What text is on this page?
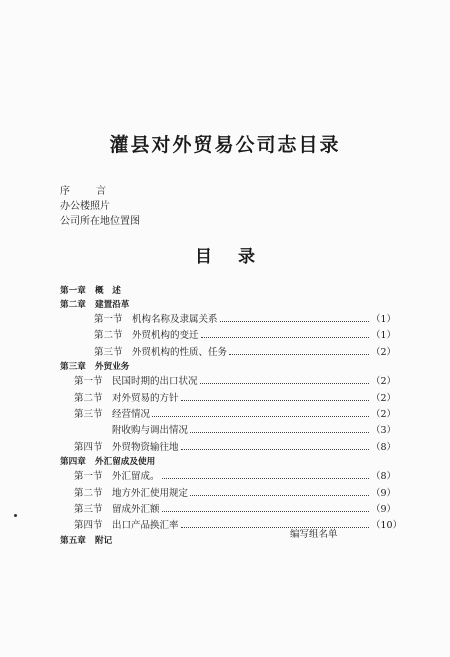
灌县对外贸易公司志目录
序　言
办公楼照片
公司所在地位置图
目录
第一章	概　述
第二章	建置沿革
第一节 机构名称及隶属关系	（1）
第二节 外贸机构的变迁	（1）
第三节 外贸机构的性质、任务	（2）
第三章	外贸业务
第一节 民国时期的出口状况	（2）
第二节 对外贸易的方针	（2）
第三节 经营情况	（2）
附收购与调出情况	（3）
第四节 外贸物资输往地	（8）
第四章	外汇留成及使用
第一节 外汇留成。	（8）
第二节 地方外汇使用规定	（9）
第三节 留成外汇额	（9）
第四节 出口产品换汇率	（10）
第五章	附记
编写组名单
